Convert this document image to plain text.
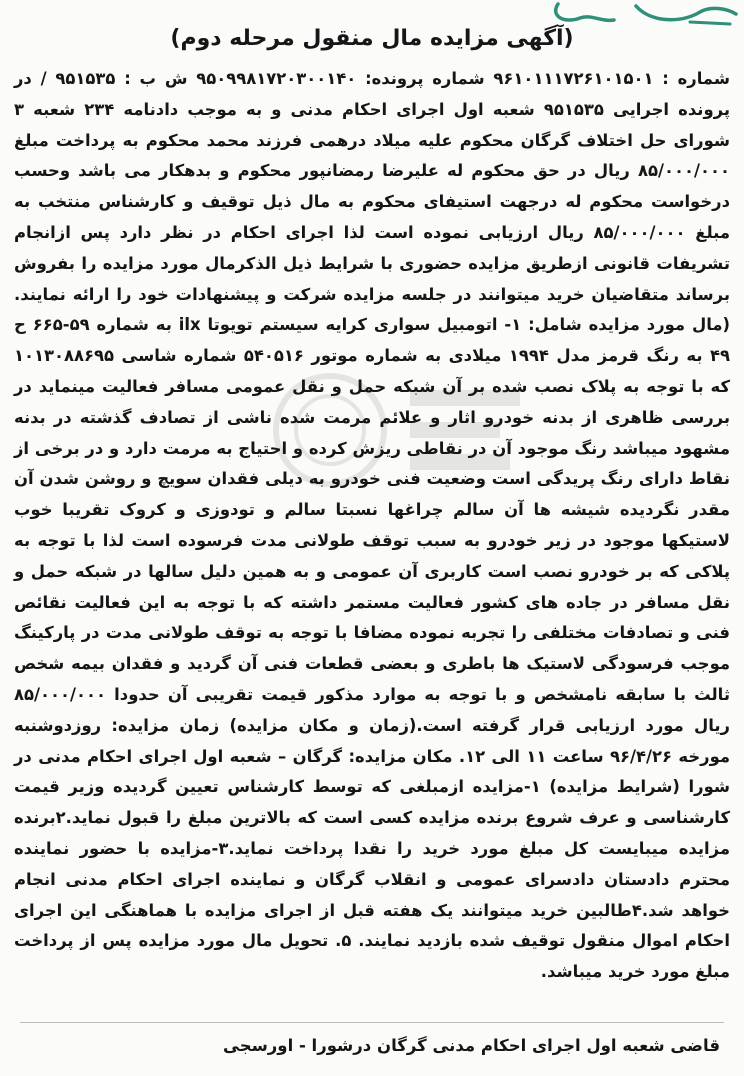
(آگهی مزایده مال منقول مرحله دوم)

شماره : ۹۶۱۰۱۱۱۷۲۶۱۰۱۵۰۱ شماره پرونده: ۹۵۰۹۹۸۱۷۲۰۳۰۰۱۴۰ ش ب : ۹۵۱۵۳۵ / در پرونده اجرایی ۹۵۱۵۳۵ شعبه اول اجرای احکام مدنی و به موجب دادنامه ۲۳۴ شعبه ۳ شورای حل اختلاف گرگان محکوم علیه میلاد درهمی فرزند محمد محکوم به پرداخت مبلغ ۸۵/۰۰۰/۰۰۰ ریال در حق محکوم له علیرضا رمضانپور محکوم و بدهکار می باشد وحسب درخواست محکوم له درجهت استیفای محکوم به مال ذیل توقیف و کارشناس منتخب به مبلغ ۸۵/۰۰۰/۰۰۰ ریال ارزیابی نموده است لذا اجرای احکام در نظر دارد پس ازانجام تشریفات قانونی ازطریق مزایده حضوری با شرایط ذیل الذکرمال مورد مزایده را بفروش برساند متقاضیان خرید میتوانند در جلسه مزایده شرکت و پیشنهادات خود را ارائه نمایند. (مال مورد مزایده شامل: ۱- اتومبیل سواری کرایه سیستم تویوتا ilx به شماره ۵۹-۶۶۵ ح ۴۹ به رنگ قرمز مدل ۱۹۹۴ میلادی به شماره موتور ۵۴۰۵۱۶ شماره شاسی ۱۰۱۳۰۸۸۶۹۵ که با توجه به پلاک نصب شده بر آن شبکه حمل و نقل عمومی مسافر فعالیت مینماید در بررسی ظاهری از بدنه خودرو اثار و علائم مرمت شده ناشی از تصادف گذشته در بدنه مشهود میباشد رنگ موجود آن در نقاطی ریزش کرده و احتیاج به مرمت دارد و در برخی از نقاط دارای رنگ پریدگی است وضعیت فنی خودرو به دیلی فقدان سویچ و روشن شدن آن مقدر نگردیده شیشه ها آن سالم چراغها نسبتا سالم و تودوزی و کروک تقریبا خوب لاستیکها موجود در زیر خودرو به سبب توقف طولانی مدت فرسوده است لذا با توجه به پلاکی که بر خودرو نصب است کاربری آن عمومی و به همین دلیل سالها در شبکه حمل و نقل مسافر در جاده های کشور فعالیت مستمر داشته که با توجه به این فعالیت نقائص فنی و تصادفات مختلفی را تجربه نموده مضافا با توجه به توقف طولانی مدت در پارکینگ موجب فرسودگی لاستیک ها باطری و بعضی قطعات فنی آن گردید و فقدان بیمه شخص ثالث با سابقه نامشخص و با توجه به موارد مذکور قیمت تقریبی آن حدودا ۸۵/۰۰۰/۰۰۰ ریال مورد ارزیابی قرار گرفته است.(زمان و مکان مزایده) زمان مزایده: روزدوشنبه مورخه ۹۶/۴/۲۶ ساعت ۱۱ الی ۱۲. مکان مزایده: گرگان – شعبه اول اجرای احکام مدنی در شورا (شرایط مزایده) ۱-مزایده ازمبلغی که توسط کارشناس تعیین گردیده وزیر قیمت کارشناسی و عرف شروع برنده مزایده کسی است که بالاترین مبلغ را قبول نماید.۲برنده مزایده میبایست کل مبلغ مورد خرید را نقدا پرداخت نماید.۳-مزایده با حضور نماینده محترم دادستان دادسرای عمومی و انقلاب گرگان و نماینده اجرای احکام مدنی انجام خواهد شد.۴طالبین خرید میتوانند یک هفته قبل از اجرای مزایده با هماهنگی این اجرای احکام اموال منقول توقیف شده بازدید نمایند. ۵. تحویل مال مورد مزایده پس از پرداخت مبلغ مورد خرید میباشد.

قاضی شعبه اول اجرای احکام مدنی گرگان درشورا - اورسجی
